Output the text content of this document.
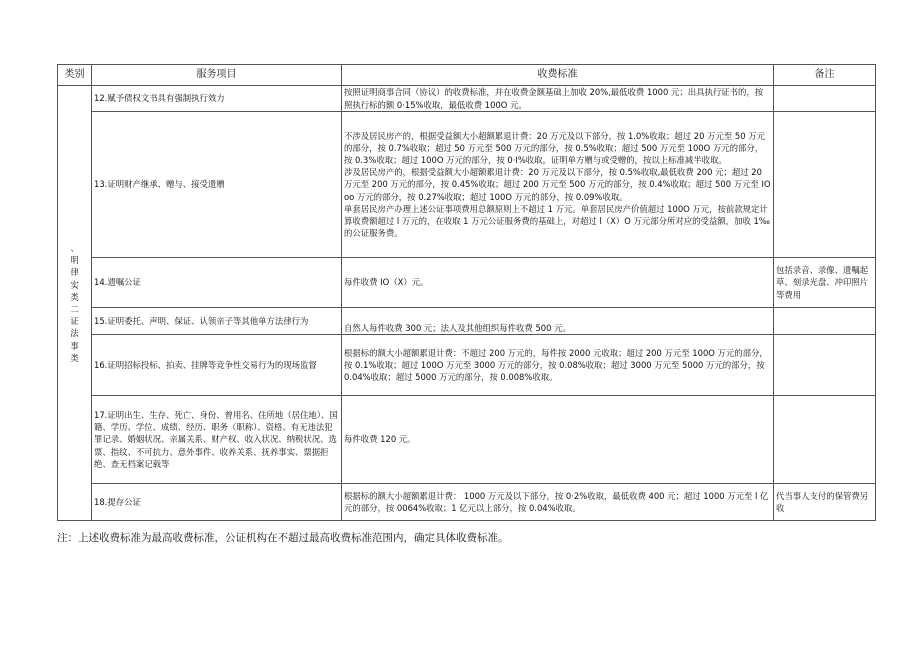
类别	服务项目	收费标准	备注

、明律实类二证法事类	12.赋予债权文书具有强制执行效力	按照证明商事合同（协议）的收费标准，并在收费金额基础上加收 20%,最低收费 1000 元；出具执行证书的，按照执行标的额 0·15%收取，最低收费 100O 元。	
	13.证明财产继承、赠与、接受遗赠	不涉及居民房产的，根据受益额大小超额累退计费：20 万元及以下部分，按 1.0%收取；超过 20 万元至 50 万元的部分，按 0.7%收取；超过 50 万元至 500 万元的部分，按 0.5%收取；超过 500 万元至 100O 万元的部分，按 0.3%收取；超过 100O 万元的部分，按 0·I%收取。证明单方赠与或受赠的，按以上标准减半收取。
涉及居民房产的，根据受益额大小超额累退计费：20 万元及以下部分，按 0.5%收取,最低收费 200 元；超过 20 万元至 200 万元的部分，按 0.45%收取；超过 200 万元至 500 万元的部分，按 0.4%收取；超过 500 万元至 IOoo 万元的部分，按 0.27%收取；超过 100O 万元的部分，按 0.09%收取。
单套居民房产办理上述公证事项费用总额原则上不超过 1 万元。单套居民房产价值超过 100O 万元，按前款规定计算收费额超过 l 万元的，在收取 1 万元公证服务费的基础上，对超过 l（X）O 万元部分所对应的受益额，加收 1‰的公证服务费。	
	14.遗嘱公证	每件收费 IO（X）元。	包括录音、录像、遗嘱起草、刻录光盘、冲印照片等费用
	15.证明委托、声明、保证、认领亲子等其他单方法律行为	自然人每件收费 300 元；法人及其他组织每件收费 500 元。	
	16.证明招标投标、拍卖、挂牌等竞争性交易行为的现场监督	根据标的额大小超额累退计费：不超过 200 万元的，每件按 2000 元收取；超过 200 万元至 100O 万元的部分，按 0.1%收取；超过 100O 万元至 3000 万元的部分，按 0.08%收取；超过 3000 万元至 5000 万元的部分，按 0.04%收取；超过 5000 万元的部分，按 0.008%收取。	
	17.证明出生、生存、死亡、身份、曾用名、住所地（居住地）、国籍、学历、学位、成绩、经历、职务（职称）、资格、有无违法犯罪记录、婚姻状况、亲属关系、财产权、收入状况、纳税状况、选票、指纹、不可抗力、意外事件、收养关系、抚养事实、票据拒绝、查无档案记载等	每件收费 120 元。	
	18.提存公证	根据标的额大小超额累退计费： 1000 万元及以下部分，按 0·2%收取，最低收费 400 元；超过 1000 万元至 l 亿元的部分，按 0064%收取；1 亿元以上部分，按 0.04%收取。	代当事人支付的保管费另收
注：上述收费标准为最高收费标准，公证机构在不超过最高收费标准范围内，确定具体收费标准。
